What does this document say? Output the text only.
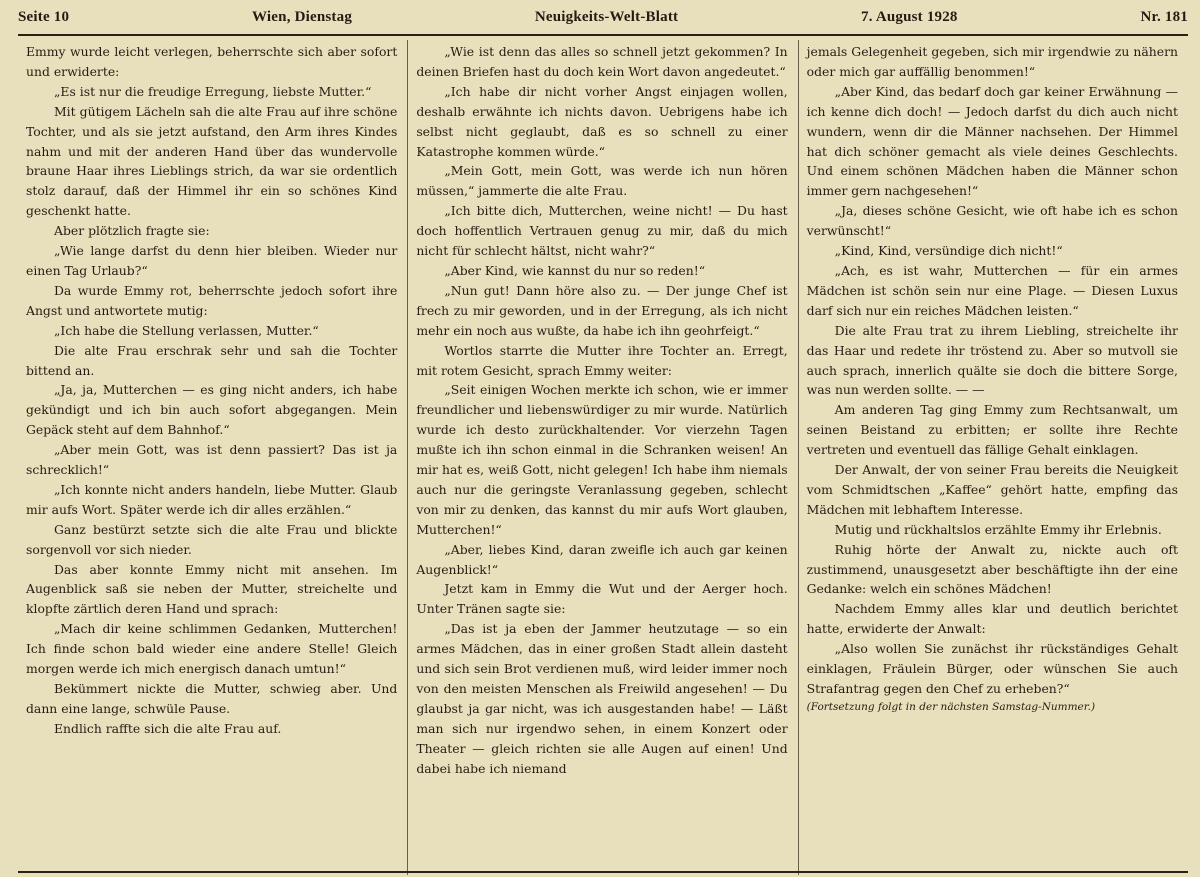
Seite 10	Wien, Dienstag	Neuigkeits-Welt-Blatt	7. August 1928	Nr. 181

Emmy wurde leicht verlegen, beherrschte sich aber sofort und erwiderte:

„Es ist nur die freudige Erregung, liebste Mutter.“

Mit gütigem Lächeln sah die alte Frau auf ihre schöne Tochter, und als sie jetzt aufstand, den Arm ihres Kindes nahm und mit der anderen Hand über das wundervolle braune Haar ihres Lieblings strich, da war sie ordentlich stolz darauf, daß der Himmel ihr ein so schönes Kind geschenkt hatte.

Aber plötzlich fragte sie:

„Wie lange darfst du denn hier bleiben. Wieder nur einen Tag Urlaub?“

Da wurde Emmy rot, beherrschte jedoch sofort ihre Angst und antwortete mutig:

„Ich habe die Stellung verlassen, Mutter.“

Die alte Frau erschrak sehr und sah die Tochter bittend an.

„Ja, ja, Mutterchen — es ging nicht anders, ich habe gekündigt und ich bin auch sofort abgegangen. Mein Gepäck steht auf dem Bahnhof.“

„Aber mein Gott, was ist denn passiert? Das ist ja schrecklich!“

„Ich konnte nicht anders handeln, liebe Mutter. Glaub mir aufs Wort. Später werde ich dir alles erzählen.“

Ganz bestürzt setzte sich die alte Frau und blickte sorgenvoll vor sich nieder.

Das aber konnte Emmy nicht mit ansehen. Im Augenblick saß sie neben der Mutter, streichelte und klopfte zärtlich deren Hand und sprach:

„Mach dir keine schlimmen Gedanken, Mutterchen! Ich finde schon bald wieder eine andere Stelle! Gleich morgen werde ich mich energisch danach umtun!“

Bekümmert nickte die Mutter, schwieg aber. Und dann eine lange, schwüle Pause.

Endlich raffte sich die alte Frau auf.

„Wie ist denn das alles so schnell jetzt gekommen? In deinen Briefen hast du doch kein Wort davon angedeutet.“

„Ich habe dir nicht vorher Angst einjagen wollen, deshalb erwähnte ich nichts davon. Uebrigens habe ich selbst nicht geglaubt, daß es so schnell zu einer Katastrophe kommen würde.“

„Mein Gott, mein Gott, was werde ich nun hören müssen,“ jammerte die alte Frau.

„Ich bitte dich, Mutterchen, weine nicht! — Du hast doch hoffentlich Vertrauen genug zu mir, daß du mich nicht für schlecht hältst, nicht wahr?“

„Aber Kind, wie kannst du nur so reden!“

„Nun gut! Dann höre also zu. — Der junge Chef ist frech zu mir geworden, und in der Erregung, als ich nicht mehr ein noch aus wußte, da habe ich ihn geohrfeigt.“

Wortlos starrte die Mutter ihre Tochter an. Erregt, mit rotem Gesicht, sprach Emmy weiter:

„Seit einigen Wochen merkte ich schon, wie er immer freundlicher und liebenswürdiger zu mir wurde. Natürlich wurde ich desto zurückhaltender. Vor vierzehn Tagen mußte ich ihn schon einmal in die Schranken weisen! An mir hat es, weiß Gott, nicht gelegen! Ich habe ihm niemals auch nur die geringste Veranlassung gegeben, schlecht von mir zu denken, das kannst du mir aufs Wort glauben, Mutterchen!“

„Aber, liebes Kind, daran zweifle ich auch gar keinen Augenblick!“

Jetzt kam in Emmy die Wut und der Aerger hoch. Unter Tränen sagte sie:

„Das ist ja eben der Jammer heutzutage — so ein armes Mädchen, das in einer großen Stadt allein dasteht und sich sein Brot verdienen muß, wird leider immer noch von den meisten Menschen als Freiwild angesehen! — Du glaubst ja gar nicht, was ich ausgestanden habe! — Läßt man sich nur irgendwo sehen, in einem Konzert oder Theater — gleich richten sie alle Augen auf einen! Und dabei habe ich niemand

jemals Gelegenheit gegeben, sich mir irgendwie zu nähern oder mich gar auffällig benommen!“

„Aber Kind, das bedarf doch gar keiner Erwähnung — ich kenne dich doch! — Jedoch darfst du dich auch nicht wundern, wenn dir die Männer nachsehen. Der Himmel hat dich schöner gemacht als viele deines Geschlechts. Und einem schönen Mädchen haben die Männer schon immer gern nachgesehen!“

„Ja, dieses schöne Gesicht, wie oft habe ich es schon verwünscht!“

„Kind, Kind, versündige dich nicht!“

„Ach, es ist wahr, Mutterchen — für ein armes Mädchen ist schön sein nur eine Plage. — Diesen Luxus darf sich nur ein reiches Mädchen leisten.“

Die alte Frau trat zu ihrem Liebling, streichelte ihr das Haar und redete ihr tröstend zu. Aber so mutvoll sie auch sprach, innerlich quälte sie doch die bittere Sorge, was nun werden sollte. — —

Am anderen Tag ging Emmy zum Rechtsanwalt, um seinen Beistand zu erbitten; er sollte ihre Rechte vertreten und eventuell das fällige Gehalt einklagen.

Der Anwalt, der von seiner Frau bereits die Neuigkeit vom Schmidtschen „Kaffee“ gehört hatte, empfing das Mädchen mit lebhaftem Interesse.

Mutig und rückhaltslos erzählte Emmy ihr Erlebnis.

Ruhig hörte der Anwalt zu, nickte auch oft zustimmend, unausgesetzt aber beschäftigte ihn der eine Gedanke: welch ein schönes Mädchen!

Nachdem Emmy alles klar und deutlich berichtet hatte, erwiderte der Anwalt:

„Also wollen Sie zunächst ihr rückständiges Gehalt einklagen, Fräulein Bürger, oder wünschen Sie auch Strafantrag gegen den Chef zu erheben?“

(Fortsetzung folgt in der nächsten Samstag-Nummer.)
